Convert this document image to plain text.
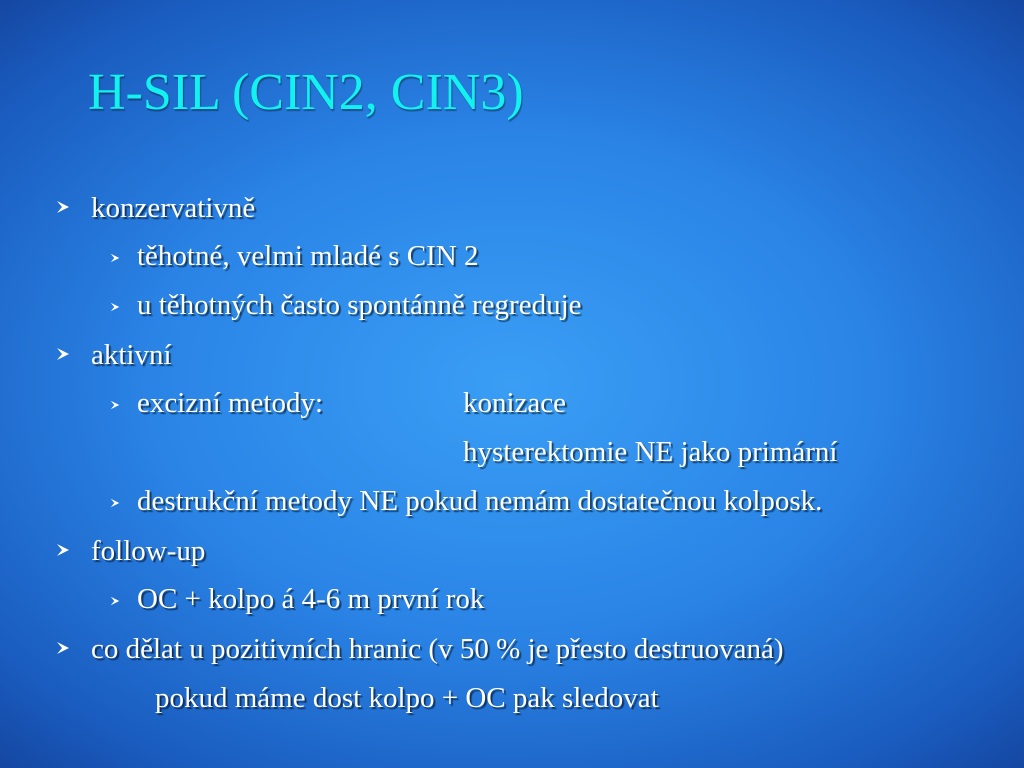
H-SIL (CIN2, CIN3)
konzervativně
těhotné, velmi mladé s CIN 2
u těhotných často spontánně regreduje
aktivní
excizní metody:	konizace
hysterektomie NE jako primární
destrukční metody NE pokud nemám dostatečnou kolposk.
follow-up
OC + kolpo á 4-6 m první rok
co dělat u pozitivních hranic (v 50 % je přesto destruovaná)
pokud máme dost kolpo + OC pak sledovat
